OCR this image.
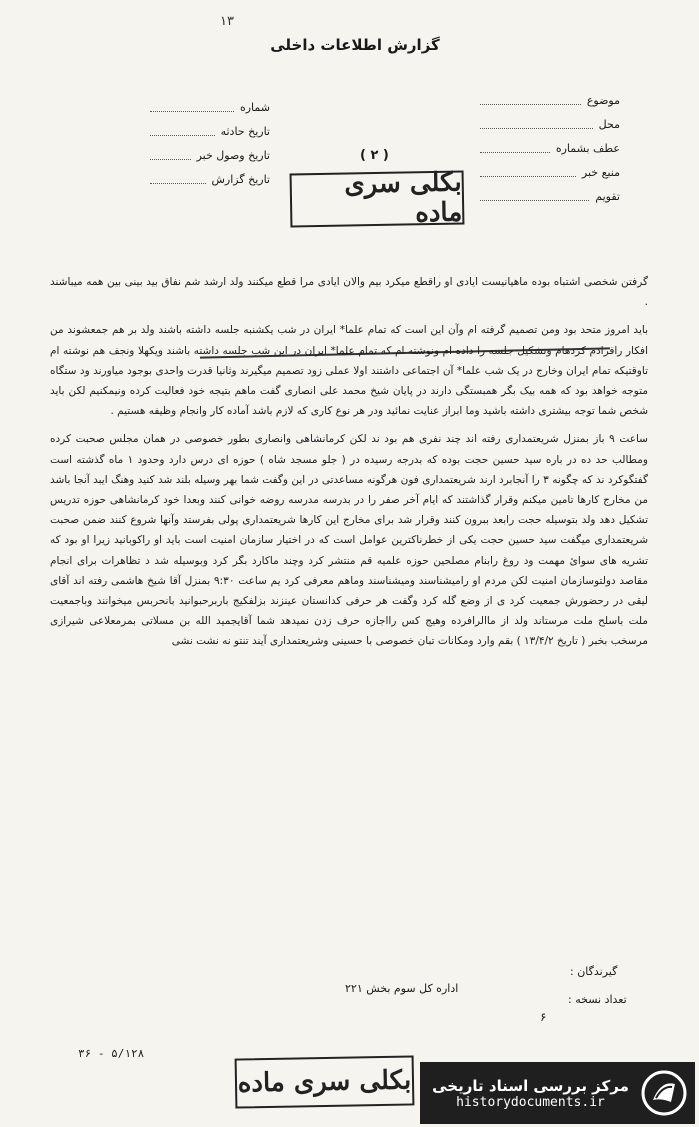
۱۳
گزارش اطلاعات داخلی
شماره
تاریخ حادثه
تاریخ وصول خبر
تاریخ گزارش
موضوع
محل
عطف بشماره
منبع خبر
تقویم
( ۲ )
بکلی سری ماده

گرفتن شخصی اشتباه بوده ماهیانیست ایادی او راقطع میکرد بیم والان ایادی مرا قطع میکنند ولد ارشد شم نفاق بید بینی بین همه میباشند .

باید امروز متحد بود ومن تصمیم گرفته ام وآن این است که تمام علما* ایران در شب یکشنبه جلسه داشته باشند ولد بر هم جمعشوند من افکار رافرادم کردهام وتشکیل جلسه را داده ام ونوشته ام که تمام علما* ایران در این شب جلسه داشته باشند ویکهلا ونجف هم نوشته ام تاوقتیکه تمام ایران وخارج در یک شب علما* آن اجتماعی داشتند اولا عملی زود تصمیم میگیرند وثانیا قدرت واحدی بوجود میاورند ود ستگاه متوجه خواهد بود که همه بیک بگر همبستگی دارند در پایان شیخ محمد علی انصاری گفت ماهم بتیجه خود فعالیت کرده ونیمکنیم لکن باید شخص شما توجه بیشتری داشته باشید وما ابراز عنایت نمائید ودر هر نوع کاری که لازم باشد آماده کار وانجام وظیفه هستیم .

ساعت ۹ باز بمنزل شریعتمداری رفته اند چند نفری هم بود ند لکن کرمانشاهی وانصاری بطور خصوصی در همان مجلس صحبت کرده ومطالب حد ده در باره سید حسین حجت بوده که بدرجه رسیده در ( جلو مسجد شاه ) حوزه ای درس دارد وحدود ۱ ماه گذشته است گفتگوکرد ند که چگونه ۳ را آنجابرد ارند شریعتمداری فون هرگونه مساعدتی در این وگفت شما بهر وسیله بلند شد کنید وهنگ ایبد آنجا باشد من مخارج کارها تامین میکنم وقرار گذاشتند که ایام آخر صفر را در بدرسه مدرسه روضه خوانی کنند وبعدا خود کرمانشاهی حوزه تدریس تشکیل دهد ولد بتوسیله حجت رابعد ببرون کنند وقرار شد برای مخارج این کارها شریعتمداری پولی بفرستد وآنها شروع کنند ضمن صحبت شریعتمداری میگفت سید حسین حجت یکی از خطرناکترین عوامل است که در اختیار سازمان امنیت است باید او راکوبانید زیرا او بود که تشریه های سوائ مهمت ود روغ رابنام مصلحین حوزه علمیه قم منتشر کرد وچند ماکارد بگر کرد وبوسیله شد د تظاهرات برای انجام مقاصد دولتوسازمان امنیت لکن مردم او رامیشناسند ومیشناسند وماهم معرفی کرد یم ساعت ۹:۳۰ بمنزل آقا شیخ هاشمی رفته اند آقای لیقی در رحضورش جمعیت کرد ی از وضع گله کرد وگفت هر حرفی کدانستان عینزند بزلفکیج باربرحبوانید بانحربس میخوانند وباجمعیت ملت باسلح ملت مرستاند ولد از ماالرافرده وهیج کس رااجازه حرف زدن نمیدهد شما آقایجمید الله بن مسلاتی بمرمعلاعی شیرازی مرسخب بخبر ( تاریخ ۱۳/۴/۲ ) بقم وارد ومکانات تبان خصوصی با حسینی وشریعتمداری آیند تنتو نه نشت نشی

گیرندگان :
اداره کل سوم بخش ۲۲۱
تعداد نسخه :
۶
۵/۱۲۸ - ۳۶
بکلی سری ماده مرکز بررسی اسناد تاریخی
historydocuments.ir
